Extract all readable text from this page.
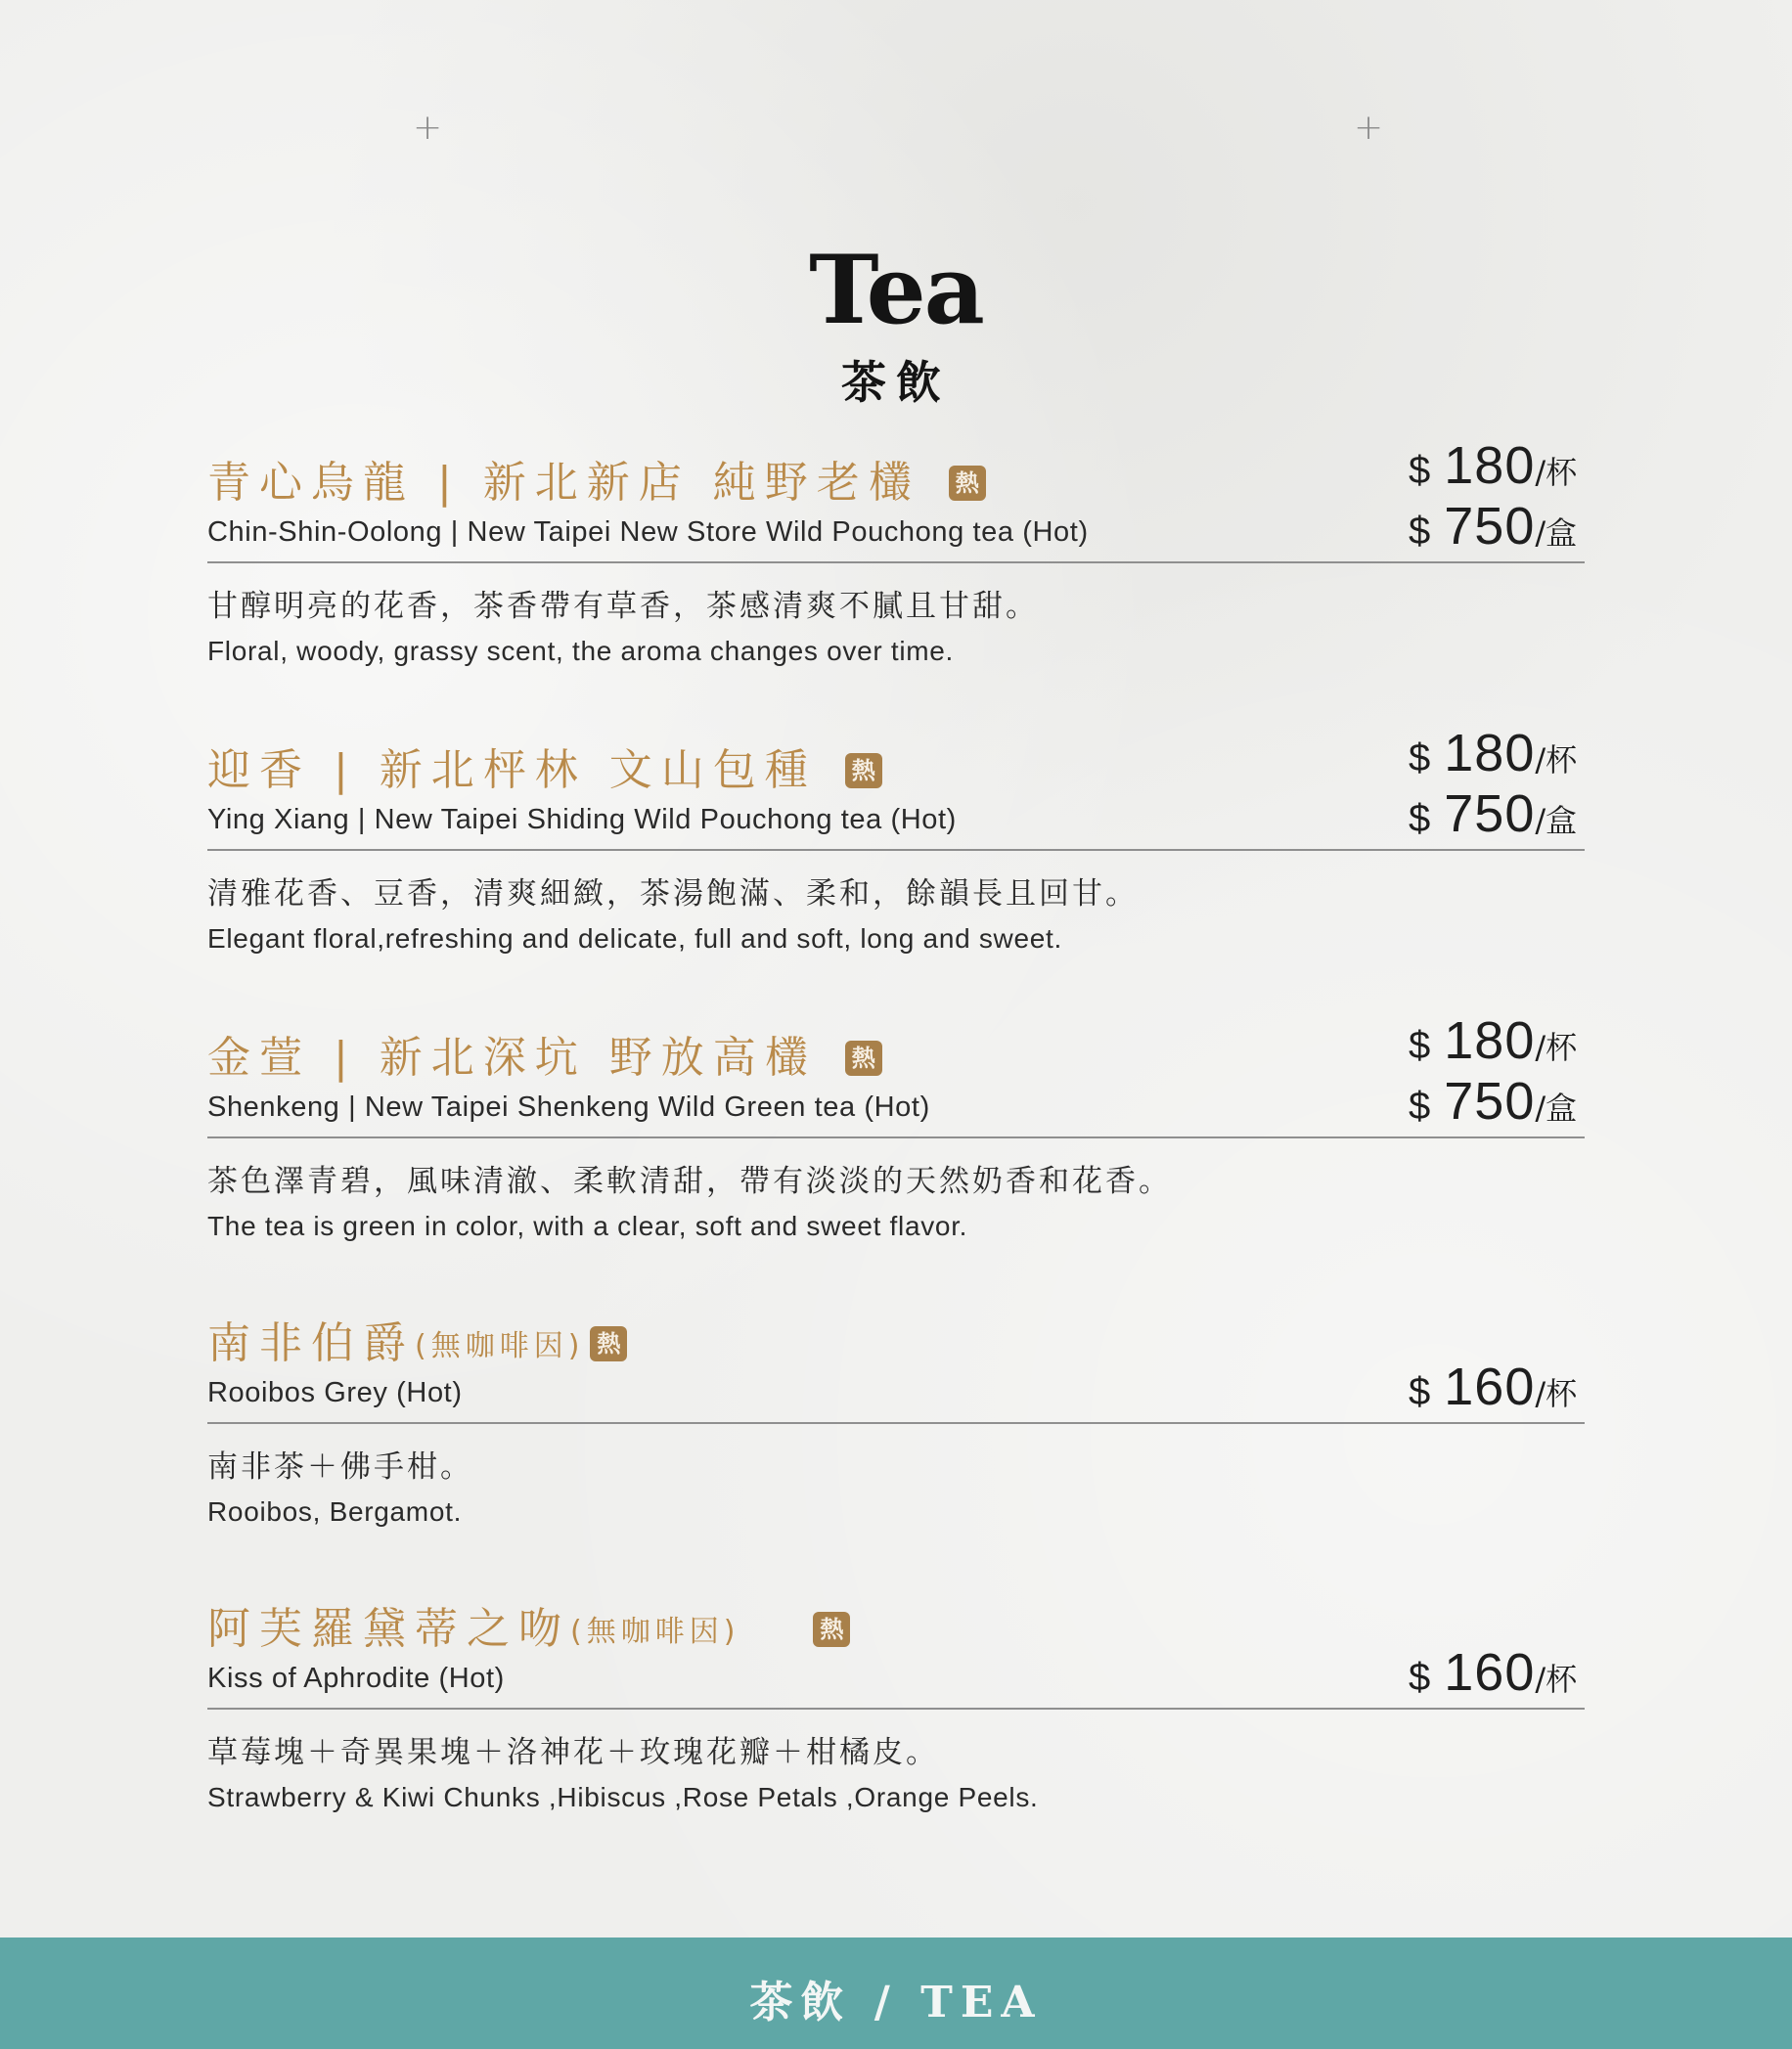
+	+
Tea
茶飲
青心烏龍 | 新北新店 純野老欉 熱
Chin-Shin-Oolong | New Taipei New Store Wild Pouchong tea (Hot)
$ 180/杯
$ 750/盒
甘醇明亮的花香，茶香帶有草香，茶感清爽不膩且甘甜。
Floral, woody, grassy scent, the aroma changes over time.
迎香 | 新北枰林 文山包種 熱
Ying Xiang | New Taipei Shiding Wild Pouchong tea (Hot)
$ 180/杯
$ 750/盒
清雅花香、豆香，清爽細緻，茶湯飽滿、柔和，餘韻長且回甘。
Elegant floral,refreshing and delicate, full and soft, long and sweet.
金萱 | 新北深坑 野放高欉 熱
Shenkeng | New Taipei Shenkeng Wild Green tea (Hot)
$ 180/杯
$ 750/盒
茶色澤青碧，風味清澈、柔軟清甜，帶有淡淡的天然奶香和花香。
The tea is green in color, with a clear, soft and sweet flavor.
南非伯爵(無咖啡因) 熱
Rooibos Grey (Hot)	$ 160/杯
南非茶＋佛手柑。
Rooibos, Bergamot.
阿芙羅黛蒂之吻(無咖啡因)	熱
Kiss of Aphrodite (Hot)	$ 160/杯
草莓塊＋奇異果塊＋洛神花＋玫瑰花瓣＋柑橘皮。
Strawberry & Kiwi Chunks ,Hibiscus ,Rose Petals ,Orange Peels.
茶飲 / TEA
